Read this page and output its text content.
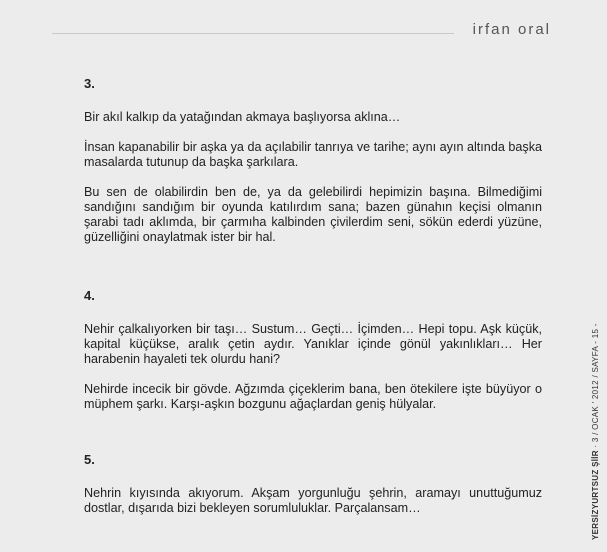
irfan oral
3.

Bir akıl kalkıp da yatağından akmaya başlıyorsa aklına…

İnsan kapanabilir bir aşka ya da açılabilir tanrıya ve tarihe; aynı ayın altında başka masalarda tutunup da başka şarkılara.

Bu sen de olabilirdin ben de, ya da gelebilirdi hepimizin başına. Bilmediğimi sandığını sandığım bir oyunda katılırdım sana; bazen günahın keçisi olmanın şarabi tadı aklımda, bir çarmıha kalbinden çivilerdim seni, sökün ederdi yüzüne, güzelliğini onaylatmak ister bir hal.

4.

Nehir çalkalıyorken bir taşı… Sustum… Geçti… İçimden… Hepi topu. Aşk küçük, kapital küçükse, aralık çetin aydır. Yanıklar içinde gönül yakınlıkları… Her harabenin hayaleti tek olurdu hani?

Nehirde incecik bir gövde. Ağzımda çiçeklerim bana, ben ötekilere işte büyüyor o müphem şarkı. Karşı-aşkın bozgunu ağaçlardan geniş hülyalar.

5.

Nehrin kıyısında akıyorum. Akşam yorgunluğu şehrin, aramayı unuttuğumuz dostlar, dışarıda bizi bekleyen sorumluluklar. Parçalansam…	YERSİZYURTSUZ ŞİİR · 3 / OCAK ' 2012 / SAYFA - 15 -
